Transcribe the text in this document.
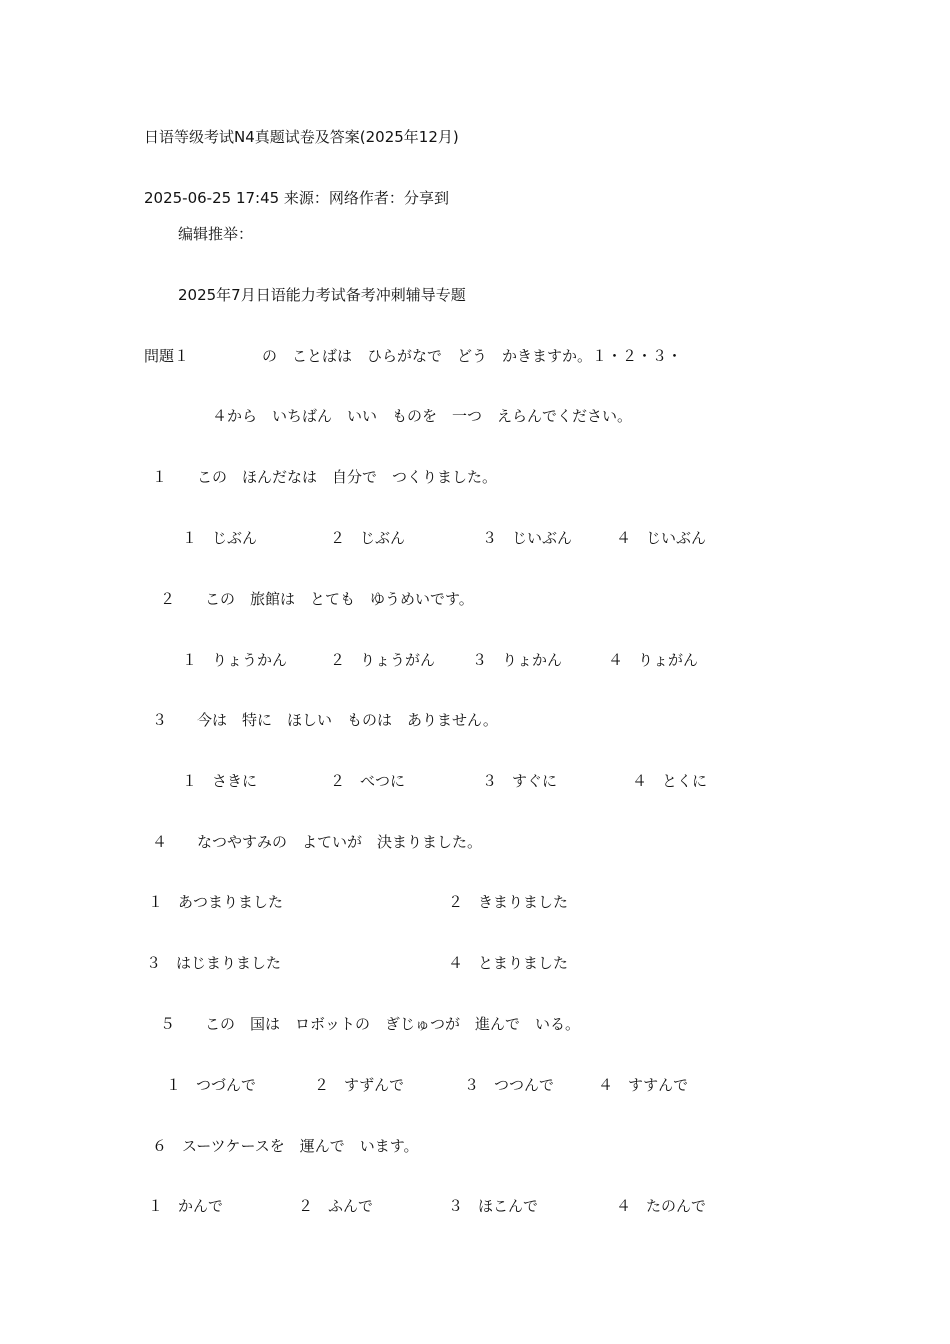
日语等级考试N4真题试卷及答案(2025年12月)
2025-06-25 17:45 来源：网络作者：分享到
编辑推举：
2025年7月日语能力考试备考冲刺辅导专题
問題１	の　ことばは　ひらがなで　どう　かきますか。１・２・３・
４から　いちばん　いい　ものを　一つ　えらんでください。
１　　この　ほんだなは　自分で　つくりました。
１　じぶん	２　じぶん	３　じいぶん	４　じいぶん
２　　この　旅館は　とても　ゆうめいです。
１　りょうかん	２　りょうがん ３　りょかん	４　りょがん
３　　今は　特に　ほしい　ものは　ありません。
１　さきに	２　べつに	３　すぐに	４　とくに
４　　なつやすみの　よていが　決まりました。
１　あつまりました	２　きまりました
３　はじまりました	４　とまりました
５　　この　国は　ロボットの　ぎじゅつが　進んで　いる。
１　つづんで	２　すずんで	３　つつんで	４　すすんで
６　スーツケースを　運んで　います。
１　かんで	２　ふんで	３　ほこんで	４　たのんで
